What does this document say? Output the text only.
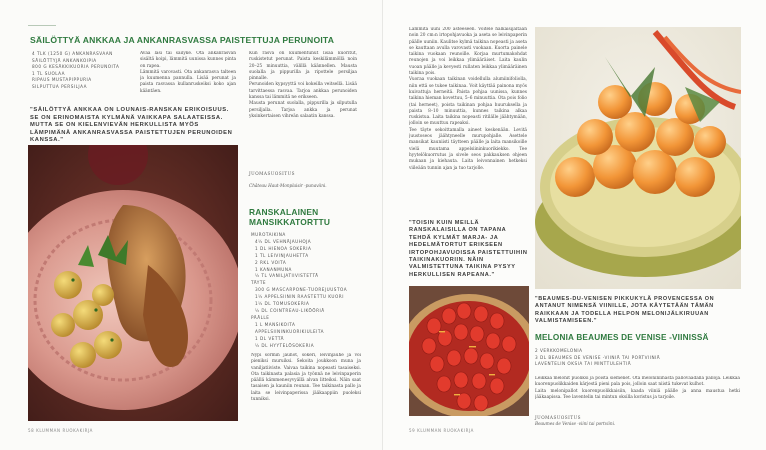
SÄILÖTTYÄ ANKKAA JA ANKANRASVASSA PAISTETTUJA PERUNOITA
4 TLK (1250 G) ANKANRASVAAN
SÄILÖTTYJÄ ANKANKOIPIA
800 G KESÄKKIKUORIA PERUNOITA
1 TL SUOLAA
RIPAUS MUSTAPIPPURIA
SILPUTTUA PERSILJAA
Avaa lasi tai säilyke. Ota ankanrasvan sisältä koipi, lämmitä uunissa kunnes pinta on rapea.
Lämmitä varovasti. Ota ankanrasva talteen ja kuumenna pannulla. Lisää perunat ja paista rasvassa kullanruskeiksi koko ajan kääntäen.
Kun rasva on kuumentunut lisää kuoritut, ruskistetut perunat. Paista keskilämmöllä noin 20–25 minuuttia, välillä käännellen. Mausta suolalla ja pippurilla ja ripottele persiljaa pinnalle.
Perunoiden kypsyyttä voi kokeilla veitsellä. Lisää tarvittaessa rasvaa. Tarjoa ankkaa perunoiden kanssa tai lämmitä ne erikseen.
Mausta perunat suolalla, pippurilla ja silputulla persiljalla. Tarjoa ankka ja perunat yksinkertaisen vihreän salaatin kanssa.

JUOMASUOSITUS

Château Haut-Monplaisir -punaviini.

"SÄILÖTTYÄ ANKKAA ON LOUNAIS-RANSKAN ERIKOISUUS. SE ON ERINOMAISTA KYLMÄNÄ VAIKKAPA SALAATEISSA. MUTTA SE ON KIELENVIEVÄN HERKULLISTA MYÖS LÄMPIMÄNÄ ANKANRASVASSA PAISTETTUJEN PERUNOIDEN KANSSA."
RANSKALAINEN
MANSIKKATORTTU
MUROTAIKINA
4½ DL VEHNÄJAUHOJA
1 DL HIENOA SOKERIA
1 TL LEIVINJAUHETTA
2 RKL VOITA
1 KANANMUNA
½ TL VANILJATIIVISTETTÄ
TÄYTE
300 G MASCARPONE-TUOREJUUSTOA
1½ APPELSIININ RAASTETTU KUORI
1½ DL TOMUSOKERIA
½ DL COINTREAU-LIKÖÖRIÄ
PÄÄLLE
1 L MANSIKOITA
APPELSIININKUORIKIULEITA
1 DL VETTÄ
½ DL HYYTELÖSOKERIA
Nypi sormin jauhot, sokeri, leivinjauhe ja voi pieniksi muruiksi. Sekoita joukkoon muna ja vaniljatiiviste. Vaivaa taikina nopeasti tasaiseksi. Ota taikinasta palasia ja työnnä ne leivinpaperin päällä kämmenesyvyällä alvan litteiksi. Näin saat tasaisen ja kauniin reunan. Tee taikinasta pallo ja laita se leivinpaperissa jääkaappiin puoleksi tunniksi.
58 KLUMMAN RUOKAKIRJA
Lämmitä uuni 200 asteeseen. Voitele halkaisijaltaan noin 20 cm:n irtopohjavuoka ja aseta se leivinpaperin päälle uuniin. Kaulitse kylmä taikina nopeasti ja aseta se kauttaan avulla varovasti vuokaan. Kuorta painele taikina vuokaan reunoille. Korjaa murtumakohdat reunojen ja voi leikkaa ylimääräiset. Laita kaulin vuoan päälle ja kevyesti rullaten leikkaa ylimääräinen taikina pois.
Vuoraa vuokaan taikinan voidellulla alumiinifoliolla, niin että se tukee taikinaa. Voit käyttää painona myös kuivattuja herneitä. Paista pohjaa uunissa, kunnes taikina hieman kovettuu, 5–6 minuuttia. Ota pois folio (tai herneet), poista taikinan pohjaa huuruksella ja paista 8–10 minuuttia, kunnes taikina alkaa ruskistua. Laita taikina nopeasti ritilälle jäähtymään, jolloin se muuttuu rapeaksi.
Tee täyte sekoittamalla aineet keskenään. Levitä juustoseos jäähtyneelle murupohjalle. Asettele mansikat kauniisti täytteen päälle ja laita mansikoille vielä muutama appelsiininkuorikiekko. Tee hyytelökuorrutus ja sivele seos pakkauksen ohjeen mukaan ja kiehauta. Laita leivonnainen hetkeksi viileään tunnin ajan ja tuo tarjolle.
"TOISIN KUIN MEILLÄ RANSKALAISILLA ON TAPANA TEHDÄ KYLMÄT MARJA- JA HEDELMÄTORTUT ERIKSEEN IRTOPOHJAVUOISSA PAISTETTUIHIN TAIKINAKUORIIN. NÄIN VALMISTETTUNA TAIKINA PYSYY HERKULLISEN RAPEANA."
"BEAUMES-DU-VENISEN PIKKUKYLÄ PROVENCESSA ON ANTANUT NIMENSÄ VIINILLE, JOTA KÄYTETÄÄN TÄMÄN RAIKKAAN JA TODELLA HELPON MELONIJÄLKIRUUAN VALMISTAMISEEN."
MELONIA BEAUMES DE VENISE -VIINISSÄ
2 VERKKOMELONIA
3 DL BEAUMES DE VENISE -VIINIÄ TAI PORTVIINIÄ
LAVENTELIN OKSIA TAI MINTTULEHTIÄ
Leikkaa melonit puoliksi ja poista siemenet. Ota meloninlihasta pallovaadalla palloja. Leikkaa kuorenpuolikkaiden kärjestä pieni pala pois, jolloin saat niistä tukevat kulhot.
Laita melonipallot kuorenpuolikkaisiin, kaada viiniä päälle ja anna maustua hetki jääkaapissa. Tee laventelin tai mintun oksilla koristus ja tarjoile.

JUOMASUOSITUS
Beaumes de Venise -viini tai portviini.

59 KLUMMAN RUOKAKIRJA
